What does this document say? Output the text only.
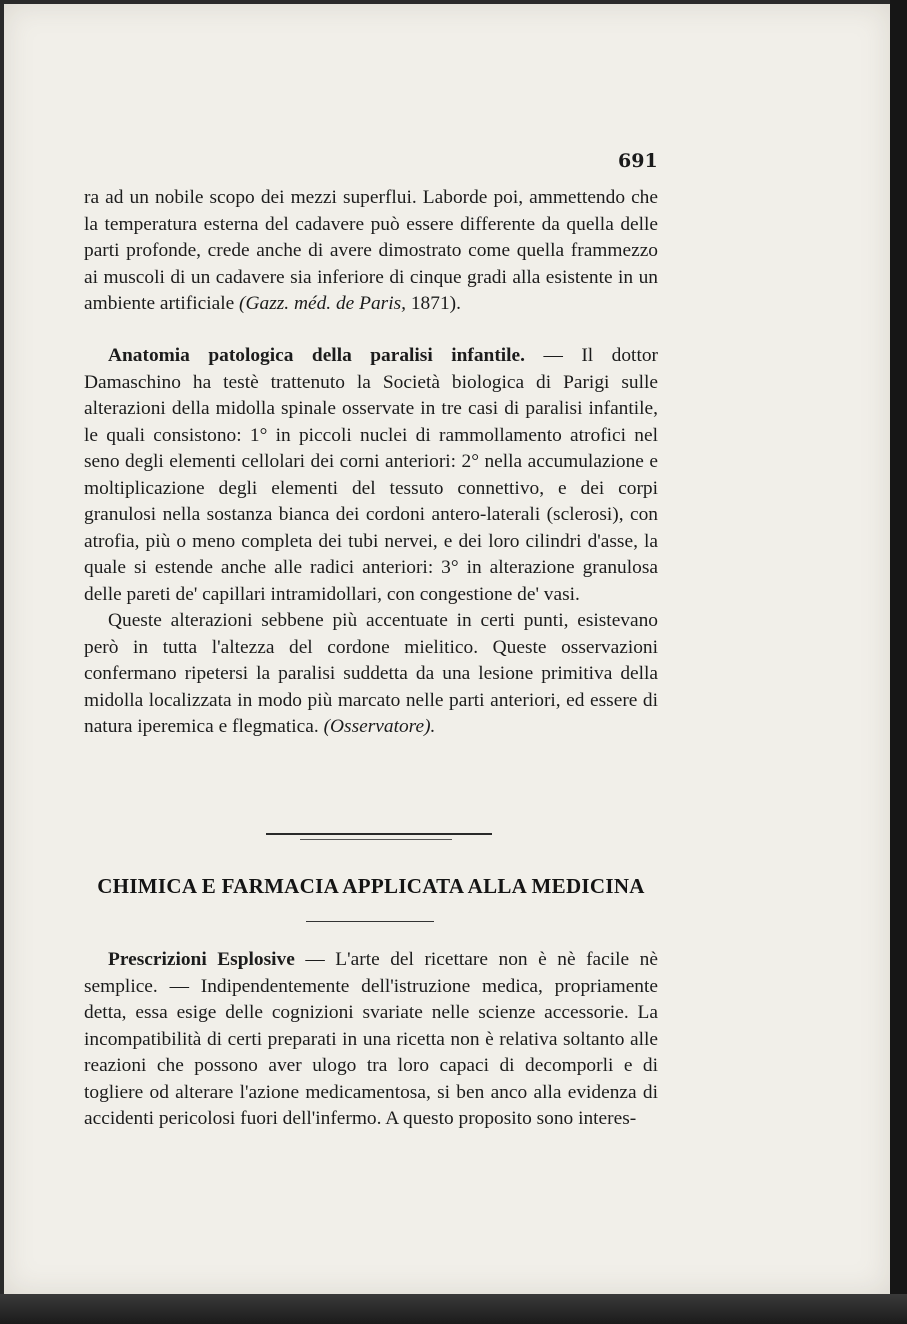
691

ra ad un nobile scopo dei mezzi superflui. Laborde poi, ammettendo che la temperatura esterna del cadavere può essere differente da quella delle parti profonde, crede anche di avere dimostrato come quella frammezzo ai muscoli di un cadavere sia inferiore di cinque gradi alla esistente in un ambiente artificiale (Gazz. méd. de Paris, 1871).

Anatomia patologica della paralisi infantile. — Il dottor Damaschino ha testè trattenuto la Società biologica di Parigi sulle alterazioni della midolla spinale osservate in tre casi di paralisi infantile, le quali consistono: 1° in piccoli nuclei di rammollamento atrofici nel seno degli elementi cellolari dei corni anteriori: 2° nella accumulazione e moltiplicazione degli elementi del tessuto connettivo, e dei corpi granulosi nella sostanza bianca dei cordoni antero-laterali (sclerosi), con atrofia, più o meno completa dei tubi nervei, e dei loro cilindri d'asse, la quale si estende anche alle radici anteriori: 3° in alterazione granulosa delle pareti de' capillari intramidollari, con congestione de' vasi.

Queste alterazioni sebbene più accentuate in certi punti, esistevano però in tutta l'altezza del cordone mielitico. Queste osservazioni confermano ripetersi la paralisi suddetta da una lesione primitiva della midolla localizzata in modo più marcato nelle parti anteriori, ed essere di natura iperemica e flegmatica. (Osservatore).

CHIMICA E FARMACIA APPLICATA ALLA MEDICINA

Prescrizioni Esplosive — L'arte del ricettare non è nè facile nè semplice. — Indipendentemente dell'istruzione medica, propriamente detta, essa esige delle cognizioni svariate nelle scienze accessorie. La incompatibilità di certi preparati in una ricetta non è relativa soltanto alle reazioni che possono aver ulogo tra loro capaci di decomporli e di togliere od alterare l'azione medicamentosa, si ben anco alla evidenza di accidenti pericolosi fuori dell'infermo. A questo proposito sono interes-
